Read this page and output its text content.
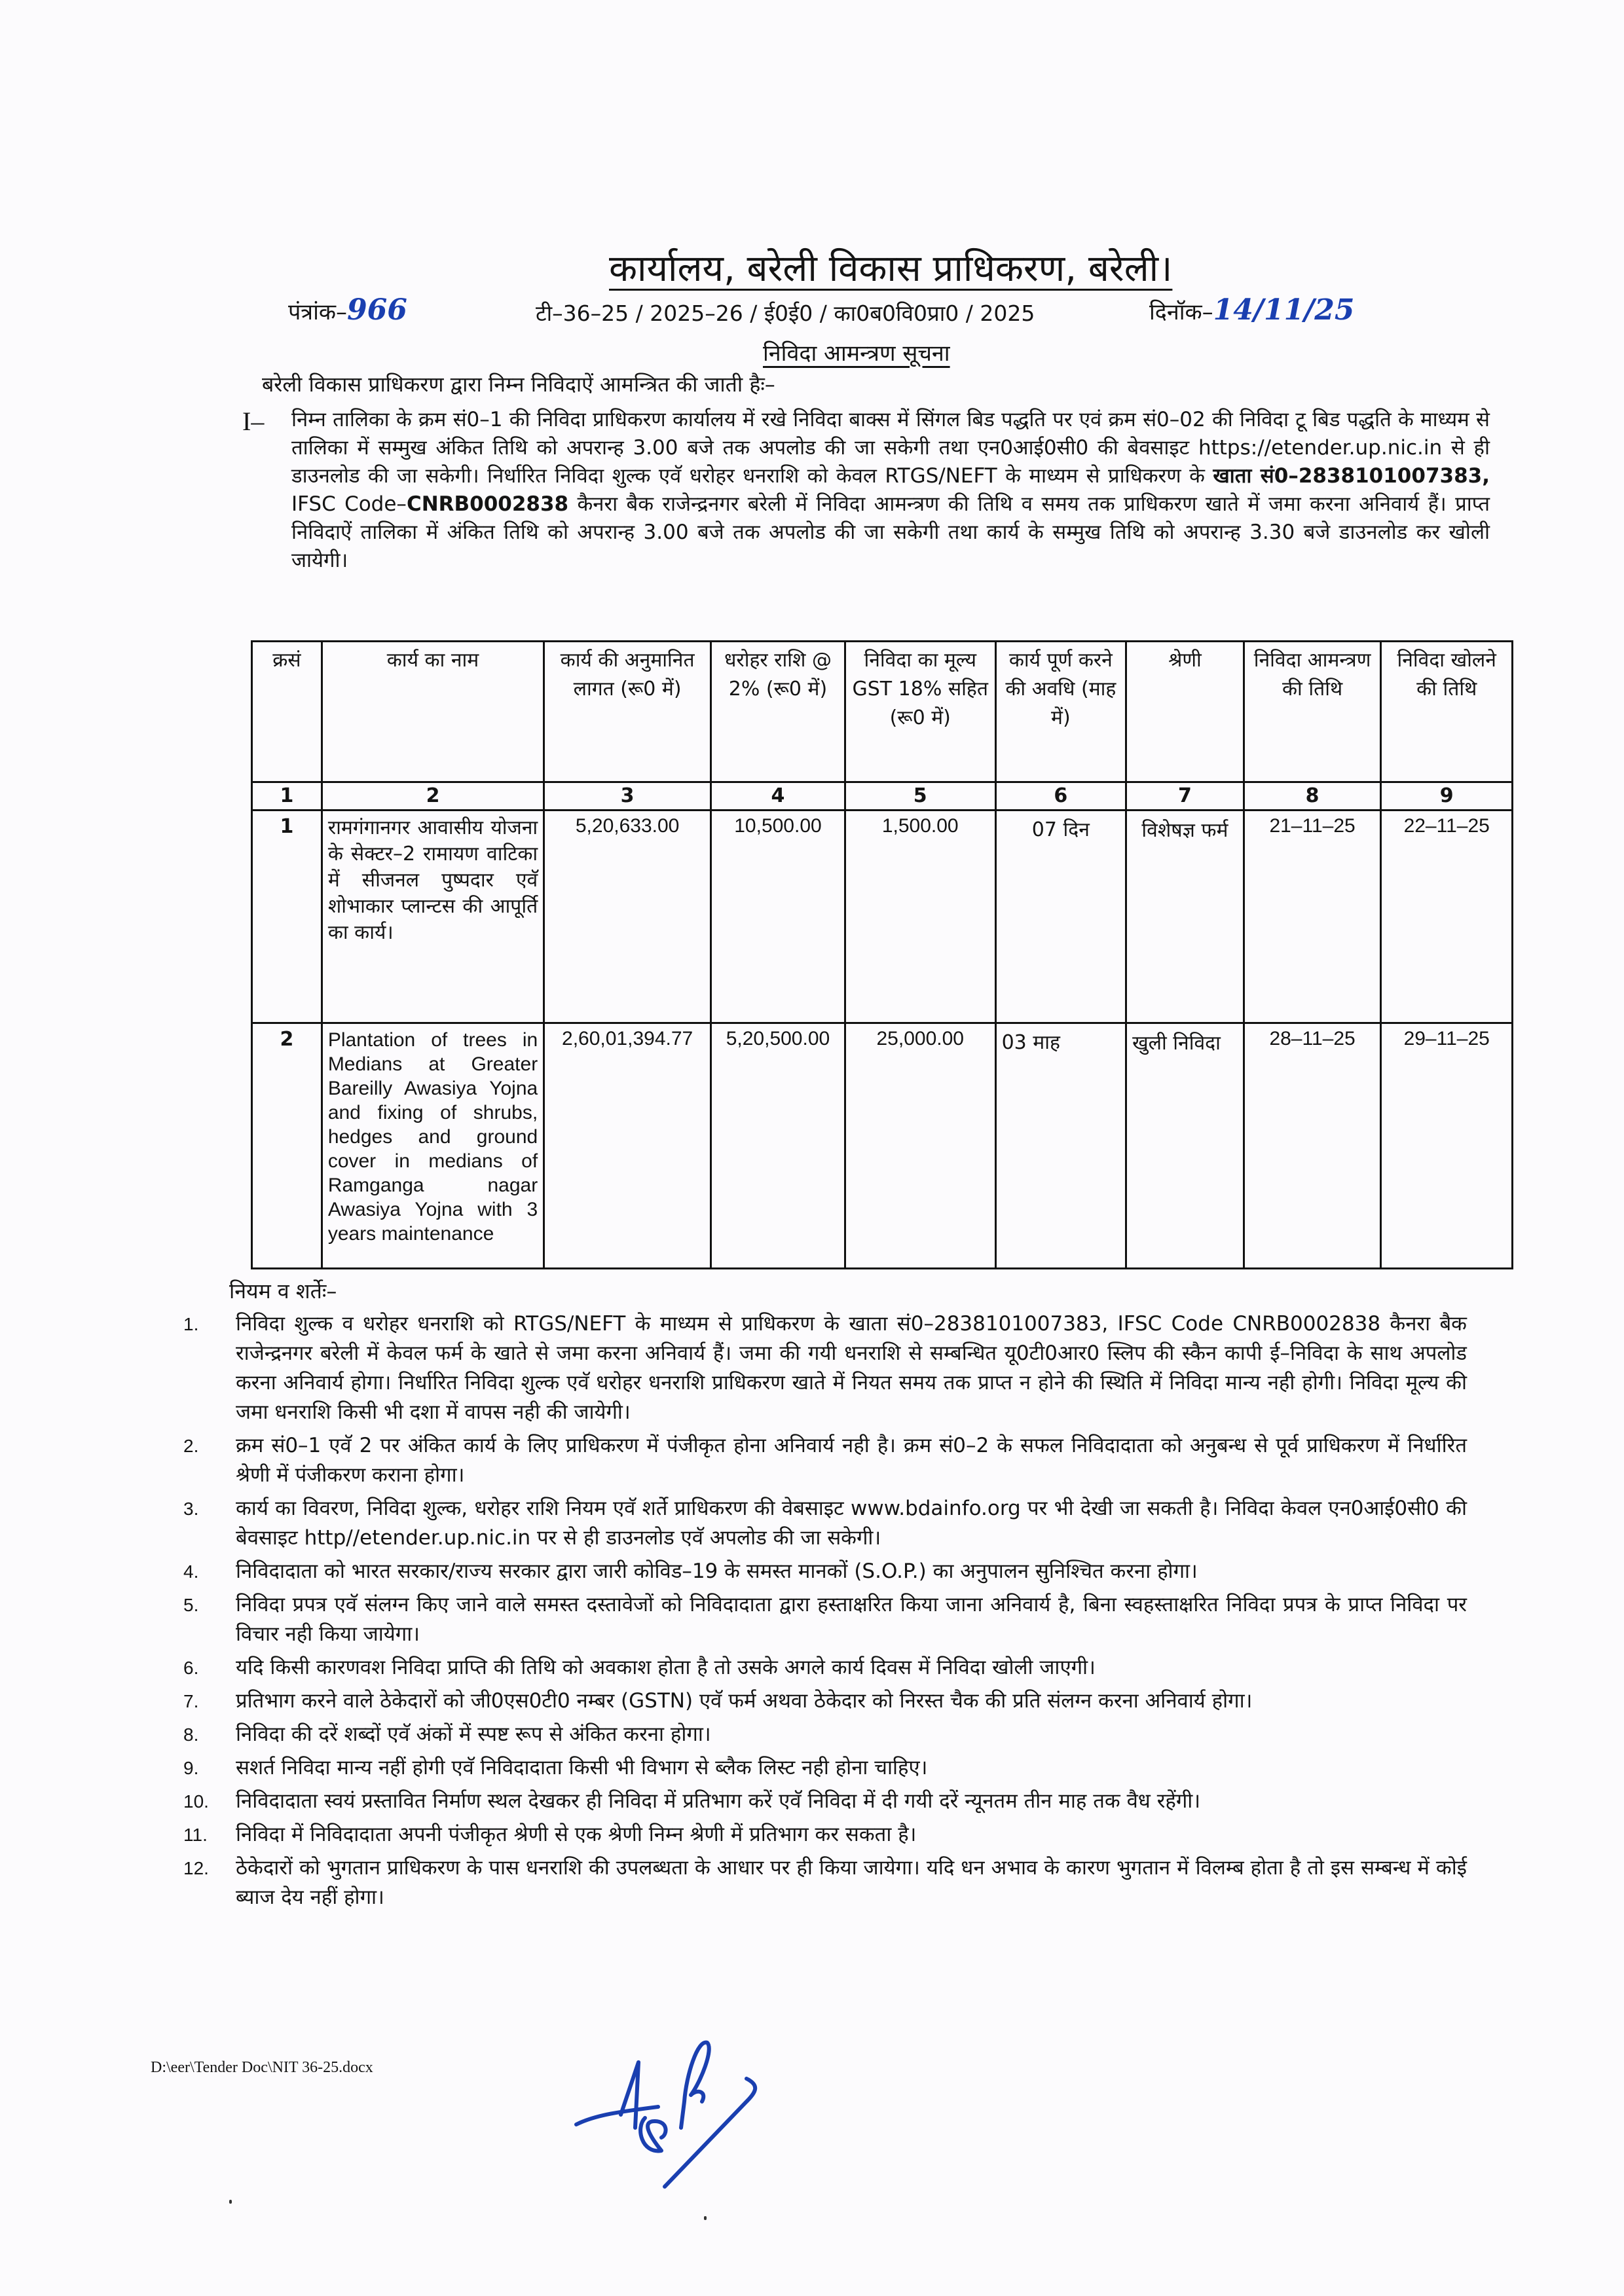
कार्यालय, बरेली विकास प्राधिकरण, बरेली।
पंत्रांक–966	टी–36–25 / 2025–26 / ई0ई0 / का0ब0वि0प्रा0 / 2025	दिनॉक–14/11/25
निविदा आमन्त्रण सूचना
बरेली विकास प्राधिकरण द्वारा निम्न निविदाऐं आमन्त्रित की जाती हैः–
I– निम्न तालिका के क्रम सं0–1 की निविदा प्राधिकरण कार्यालय में रखे निविदा बाक्स में सिंगल बिड पद्धति पर एवं क्रम सं0–02 की निविदा टू बिड पद्धति के माध्यम से तालिका में सम्मुख अंकित तिथि को अपरान्ह 3.00 बजे तक अपलोड की जा सकेगी तथा एन0आई0सी0 की बेवसाइट https://etender.up.nic.in से ही डाउनलोड की जा सकेगी। निर्धारित निविदा शुल्क एवॅ धरोहर धनराशि को केवल RTGS/NEFT के माध्यम से प्राधिकरण के खाता सं0–2838101007383, IFSC Code–CNRB0002838 कैनरा बैक राजेन्द्रनगर बरेली में निविदा आमन्त्रण की तिथि व समय तक प्राधिकरण खाते में जमा करना अनिवार्य हैं। प्राप्त निविदाऐं तालिका में अंकित तिथि को अपरान्ह 3.00 बजे तक अपलोड की जा सकेगी तथा कार्य के सम्मुख तिथि को अपरान्ह 3.30 बजे डाउनलोड कर खोली जायेगी।
क्रसं	कार्य का नाम	कार्य की अनुमानित लागत (रू0 में)	धरोहर राशि @ 2% (रू0 में)	निविदा का मूल्य GST 18% सहित (रू0 में)	कार्य पूर्ण करने की अवधि (माह में)	श्रेणी	निविदा आमन्त्रण की तिथि	निविदा खोलने की तिथि
1	2	3	4	5	6	7	8	9
1	रामगंगानगर आवासीय योजना के सेक्टर–2 रामायण वाटिका में सीजनल पुष्पदार एवॅ शोभाकार प्लान्टस की आपूर्ति का कार्य।	5,20,633.00	10,500.00	1,500.00	07 दिन	विशेषज्ञ फर्म	21–11–25	22–11–25
2	Plantation of trees in Medians at Greater Bareilly Awasiya Yojna and fixing of shrubs, hedges and ground cover in medians of Ramganga nagar Awasiya Yojna with 3 years maintenance	2,60,01,394.77	5,20,500.00	25,000.00	03 माह	खुली निविदा	28–11–25	29–11–25
नियम व शर्तेः–
1.	निविदा शुल्क व धरोहर धनराशि को RTGS/NEFT के माध्यम से प्राधिकरण के खाता सं0–2838101007383, IFSC Code CNRB0002838 कैनरा बैक राजेन्द्रनगर बरेली में केवल फर्म के खाते से जमा करना अनिवार्य हैं। जमा की गयी धनराशि से सम्बन्धित यू0टी0आर0 स्लिप की स्कैन कापी ई–निविदा के साथ अपलोड करना अनिवार्य होगा। निर्धारित निविदा शुल्क एवॅ धरोहर धनराशि प्राधिकरण खाते में नियत समय तक प्राप्त न होने की स्थिति में निविदा मान्य नही होगी। निविदा मूल्य की जमा धनराशि किसी भी दशा में वापस नही की जायेगी।
2.	क्रम सं0–1 एवॅ 2 पर अंकित कार्य के लिए प्राधिकरण में पंजीकृत होना अनिवार्य नही है। क्रम सं0–2 के सफल निविदादाता को अनुबन्ध से पूर्व प्राधिकरण में निर्धारित श्रेणी में पंजीकरण कराना होगा।
3.	कार्य का विवरण, निविदा शुल्क, धरोहर राशि नियम एवॅ शर्ते प्राधिकरण की वेबसाइट www.bdainfo.org पर भी देखी जा सकती है। निविदा केवल एन0आई0सी0 की बेवसाइट http//etender.up.nic.in पर से ही डाउनलोड एवॅ अपलोड की जा सकेगी।
4.	निविदादाता को भारत सरकार/राज्य सरकार द्वारा जारी कोविड–19 के समस्त मानकों (S.O.P.) का अनुपालन सुनिश्चित करना होगा।
5.	निविदा प्रपत्र एवॅ संलग्न किए जाने वाले समस्त दस्तावेजों को निविदादाता द्वारा हस्ताक्षरित किया जाना अनिवार्य है, बिना स्वहस्ताक्षरित निविदा प्रपत्र के प्राप्त निविदा पर विचार नही किया जायेगा।
6.	यदि किसी कारणवश निविदा प्राप्ति की तिथि को अवकाश होता है तो उसके अगले कार्य दिवस में निविदा खोली जाएगी।
7.	प्रतिभाग करने वाले ठेकेदारों को जी0एस0टी0 नम्बर (GSTN) एवॅ फर्म अथवा ठेकेदार को निरस्त चैक की प्रति संलग्न करना अनिवार्य होगा।
8.	निविदा की दरें शब्दों एवॅ अंकों में स्पष्ट रूप से अंकित करना होगा।
9.	सशर्त निविदा मान्य नहीं होगी एवॅ निविदादाता किसी भी विभाग से ब्लैक लिस्ट नही होना चाहिए।
10.	निविदादाता स्वयं प्रस्तावित निर्माण स्थल देखकर ही निविदा में प्रतिभाग करें एवॅ निविदा में दी गयी दरें न्यूनतम तीन माह तक वैध रहेंगी।
11.	निविदा में निविदादाता अपनी पंजीकृत श्रेणी से एक श्रेणी निम्न श्रेणी में प्रतिभाग कर सकता है।
12.	ठेकेदारों को भुगतान प्राधिकरण के पास धनराशि की उपलब्धता के आधार पर ही किया जायेगा। यदि धन अभाव के कारण भुगतान में विलम्ब होता है तो इस सम्बन्ध में कोई ब्याज देय नहीं होगा।
D:\eer\Tender Doc\NIT 36-25.docx
